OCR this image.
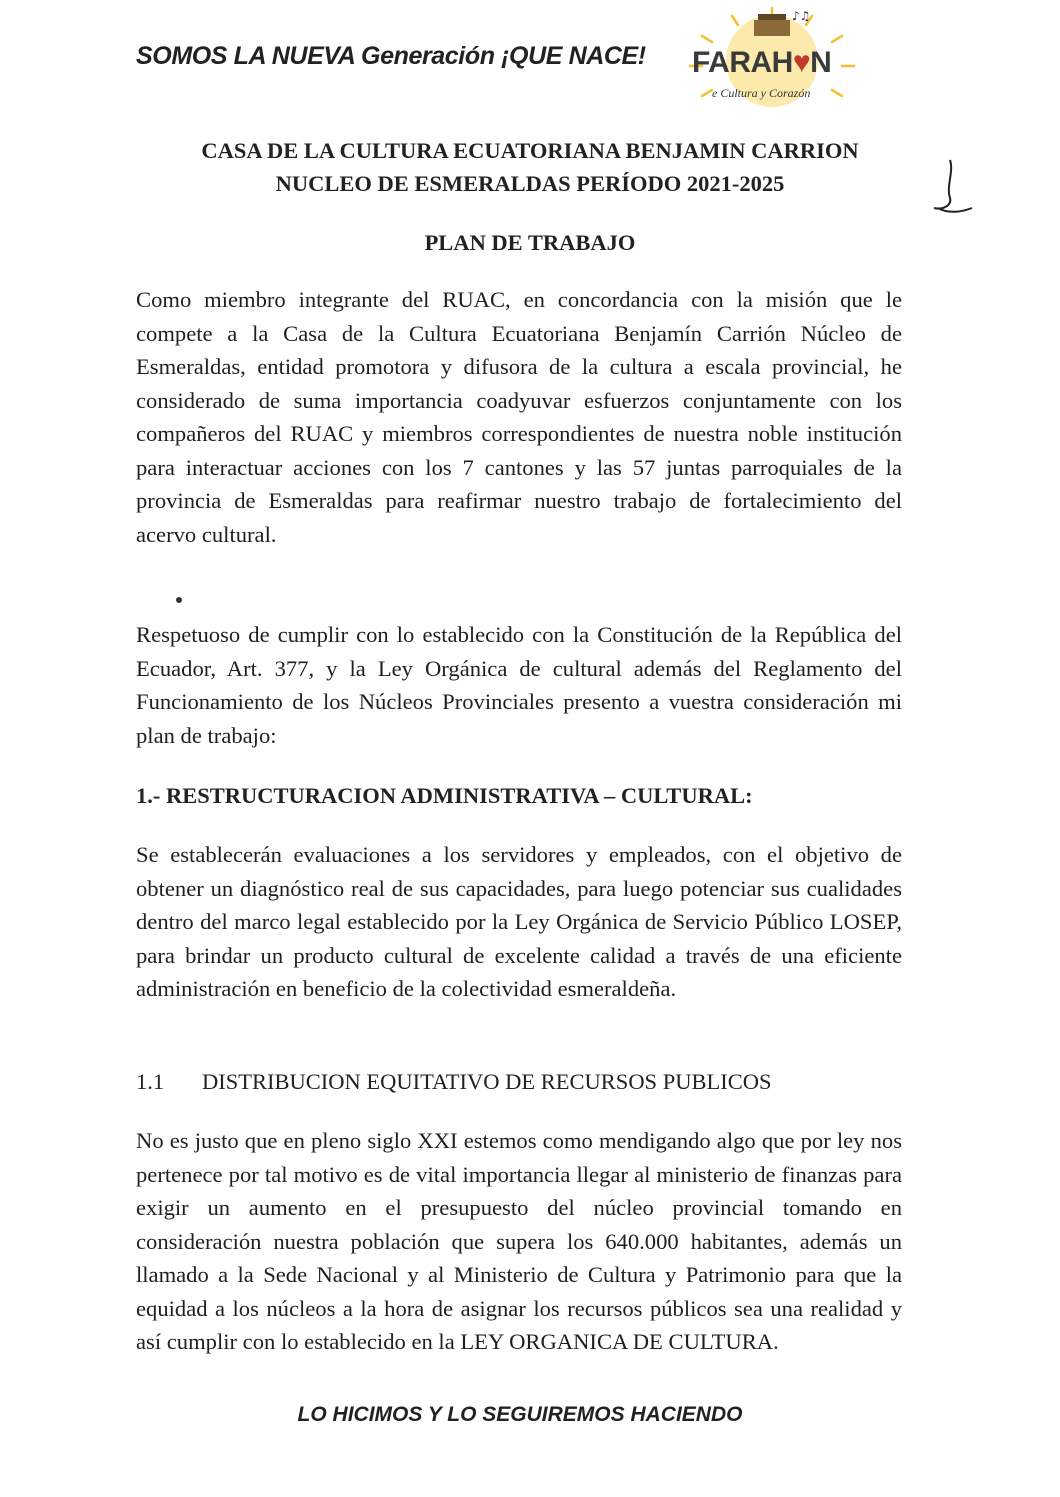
SOMOS LA NUEVA Generación ¡QUE NACE!
♪♫
FARAH♥N
e Cultura y Corazón
CASA DE LA CULTURA ECUATORIANA BENJAMIN CARRION
NUCLEO DE ESMERALDAS PERÍODO 2021-2025
PLAN DE TRABAJO

Como miembro integrante del RUAC, en concordancia con la misión que le compete a la Casa de la Cultura Ecuatoriana Benjamín Carrión Núcleo de Esmeraldas, entidad promotora y difusora de la cultura a escala provincial, he considerado de suma importancia coadyuvar esfuerzos conjuntamente con los compañeros del RUAC y miembros correspondientes de nuestra noble institución para interactuar acciones con los 7 cantones y las 57 juntas parroquiales de la provincia de Esmeraldas para reafirmar nuestro trabajo de fortalecimiento del acervo cultural.

Respetuoso de cumplir con lo establecido con la Constitución de la República del Ecuador, Art. 377, y la Ley Orgánica de cultural además del Reglamento del Funcionamiento de los Núcleos Provinciales presento a vuestra consideración mi plan de trabajo:

1.- RESTRUCTURACION ADMINISTRATIVA – CULTURAL:

Se establecerán evaluaciones a los servidores y empleados, con el objetivo de obtener un diagnóstico real de sus capacidades, para luego potenciar sus cualidades dentro del marco legal establecido por la Ley Orgánica de Servicio Público LOSEP, para brindar un producto cultural de excelente calidad a través de una eficiente administración en beneficio de la colectividad esmeraldeña.

1.1 DISTRIBUCION EQUITATIVO DE RECURSOS PUBLICOS

No es justo que en pleno siglo XXI estemos como mendigando algo que por ley nos pertenece por tal motivo es de vital importancia llegar al ministerio de finanzas para exigir un aumento en el presupuesto del núcleo provincial tomando en consideración nuestra población que supera los 640.000 habitantes, además un llamado a la Sede Nacional y al Ministerio de Cultura y Patrimonio para que la equidad a los núcleos a la hora de asignar los recursos públicos sea una realidad y así cumplir con lo establecido en la LEY ORGANICA DE CULTURA.

LO HICIMOS Y LO SEGUIREMOS HACIENDO
